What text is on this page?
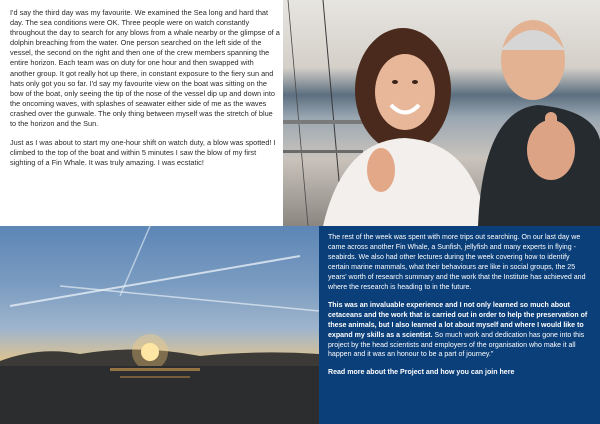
I'd say the third day was my favourite. We examined the Sea long and hard that day. The sea conditions were OK. Three people were on watch constantly throughout the day to search for any blows from a whale nearby or the glimpse of a dolphin breaching from the water. One person searched on the left side of the vessel, the second on the right and then one of the crew members spanning the entire horizon. Each team was on duty for one hour and then swapped with another group. It got really hot up there, in constant exposure to the fiery sun and hats only got you so far. I'd say my favourite view on the boat was sitting on the bow of the boat, only seeing the tip of the nose of the vessel dip up and down into the oncoming waves, with splashes of seawater either side of me as the waves crashed over the gunwale. The only thing between myself was the stretch of blue to the horizon and the Sun.

Just as I was about to start my one-hour shift on watch duty, a blow was spotted! I climbed to the top of the boat and within 5 minutes I saw the blow of my first sighting of a Fin Whale. It was truly amazing. I was ecstatic!

The rest of the week was spent with more trips out searching. On our last day we came across another Fin Whale, a Sunfish, jellyfish and many experts in flying - seabirds. We also had other lectures during the week covering how to identify certain marine mammals, what their behaviours are like in social groups, the 25 years' worth of research summary and the work that the Institute has achieved and where the research is heading to in the future.

This was an invaluable experience and I not only learned so much about cetaceans and the work that is carried out in order to help the preservation of these animals, but I also learned a lot about myself and where I would like to expand my skills as a scientist. So much work and dedication has gone into this project by the head scientists and employers of the organisation who make it all happen and it was an honour to be a part of journey."

Read more about the Project and how you can join here
